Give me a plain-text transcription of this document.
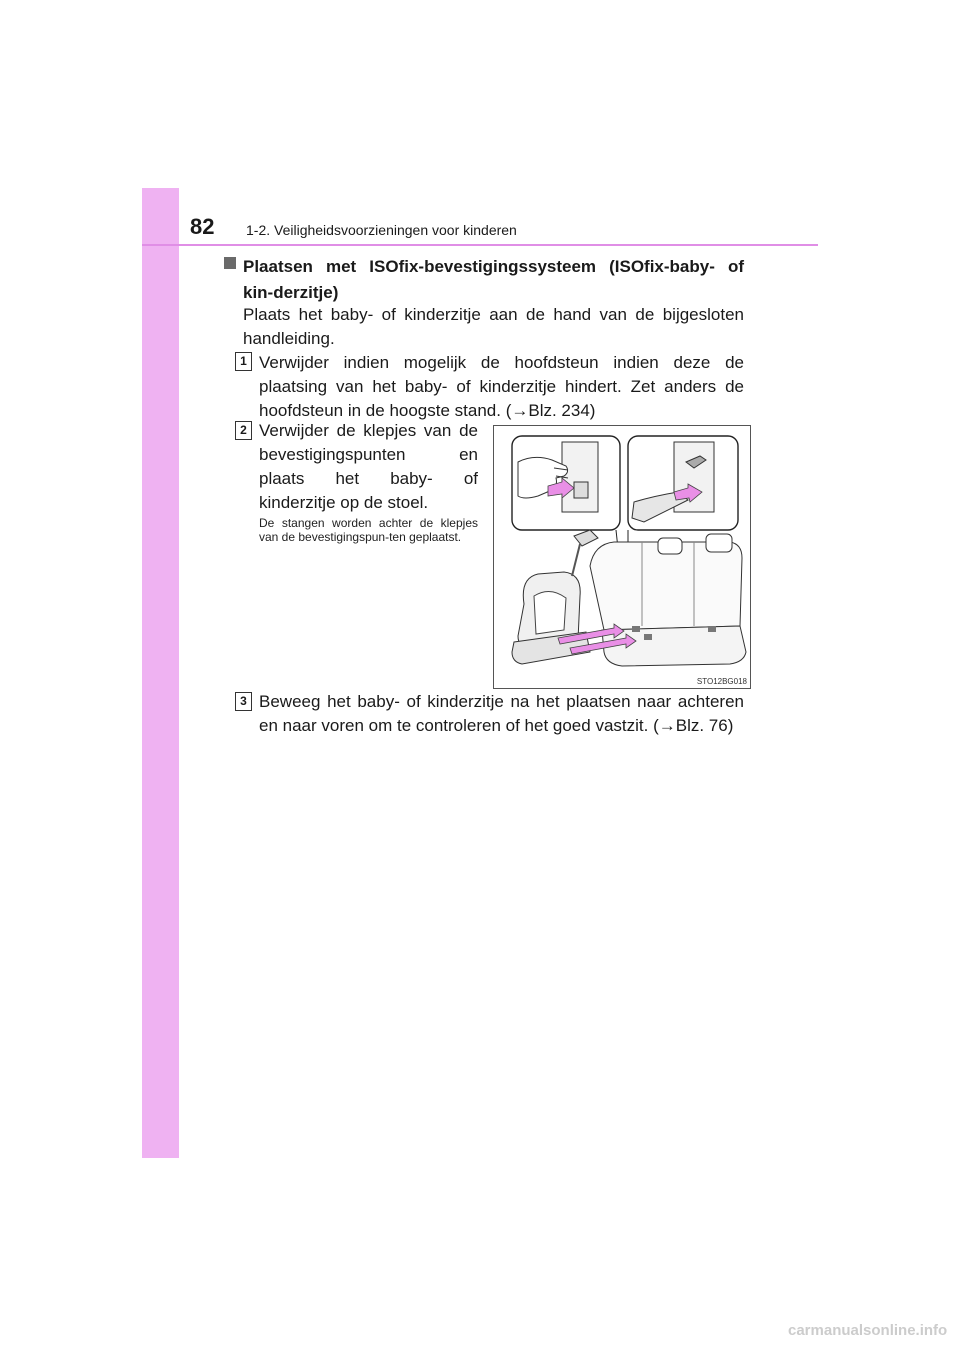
82 1-2. Veiligheidsvoorzieningen voor kinderen
Plaatsen met ISOfix-bevestigingssysteem (ISOfix-baby- of kin-derzitje)
Plaats het baby- of kinderzitje aan de hand van de bijgesloten handleiding.
1 Verwijder indien mogelijk de hoofdsteun indien deze de plaatsing van het baby- of kinderzitje hindert. Zet anders de hoofdsteun in de hoogste stand. (→Blz. 234)
2 Verwijder de klepjes van de bevestigingspunten en plaats het baby- of kinderzitje op de stoel.
De stangen worden achter de klepjes van de bevestigingspun-ten geplaatst.
STO12BG018
3 Beweeg het baby- of kinderzitje na het plaatsen naar achteren en naar voren om te controleren of het goed vastzit. (→Blz. 76)
carmanualsonline.info
